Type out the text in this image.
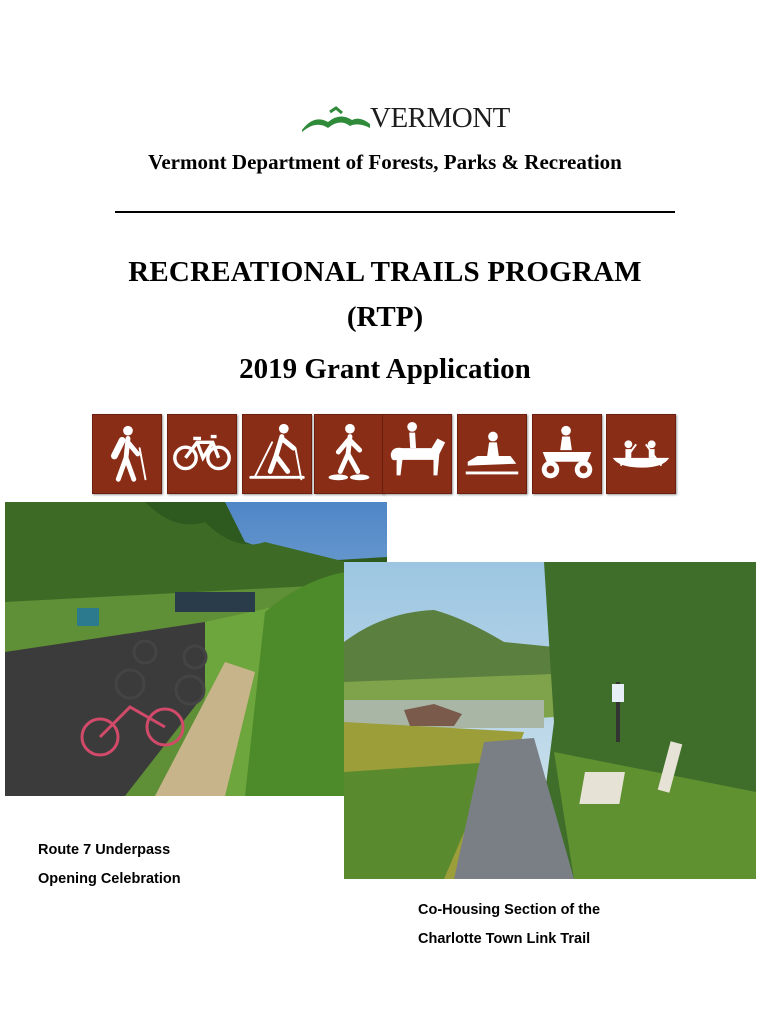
VERMONT
Vermont Department of Forests, Parks & Recreation
RECREATIONAL TRAILS PROGRAM
(RTP)
2019 Grant Application
Route 7 Underpass
Opening Celebration
Co-Housing Section of the
Charlotte Town Link Trail
